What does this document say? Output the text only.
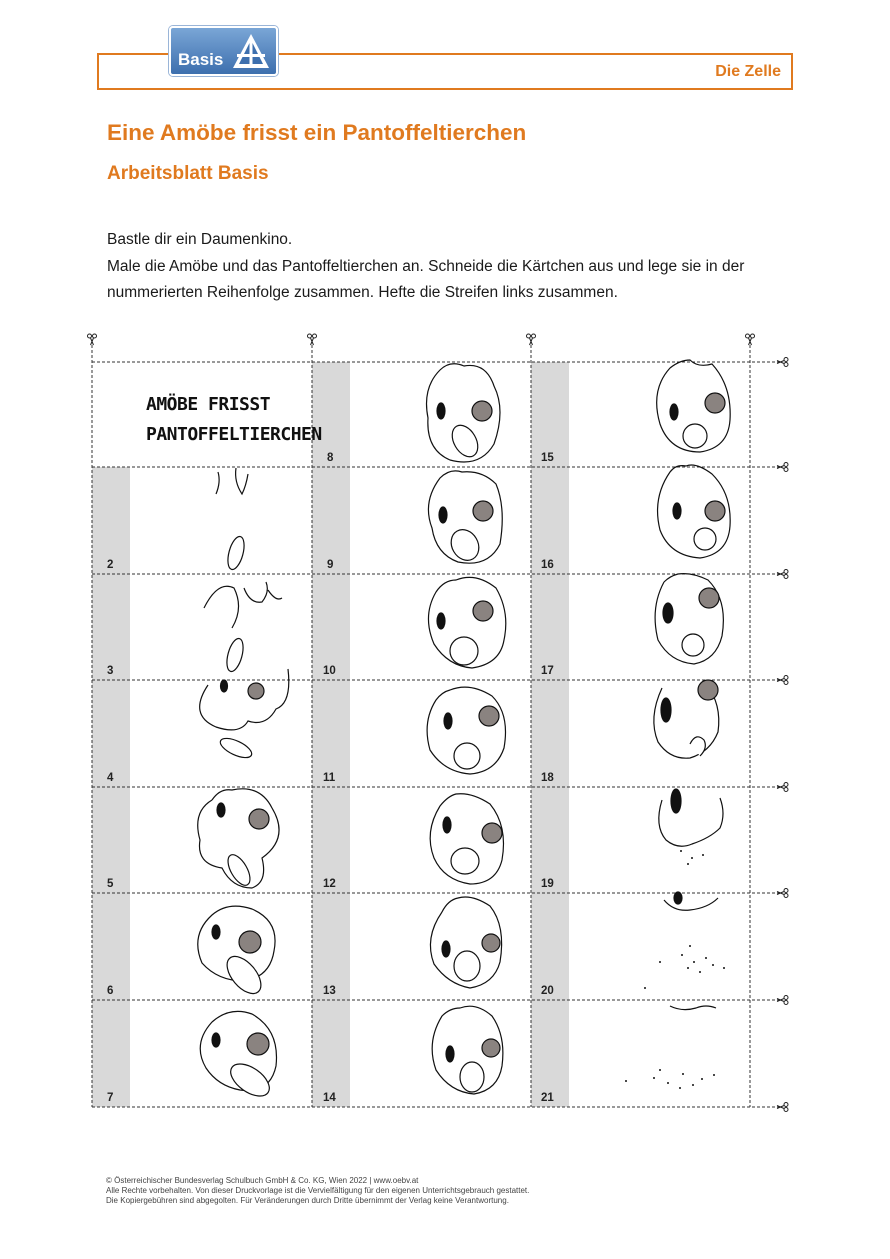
Die Zelle
Basis
Eine Amöbe frisst ein Pantoffeltierchen
Arbeitsblatt Basis

Bastle dir ein Daumenkino.

Male die Amöbe und das Pantoffeltierchen an. Schneide die Kärtchen aus und lege sie in der

nummerierten Reihenfolge zusammen. Hefte die Streifen links zusammen.

AMÖBE FRISST
PANTOFFELTIERCHEN
2
3
4
5
6
7
8
9
10
11
12
13
14
15
16
17
18
19
20
21

© Österreichischer Bundesverlag Schulbuch GmbH & Co. KG, Wien 2022 | www.oebv.at

Alle Rechte vorbehalten. Von dieser Druckvorlage ist die Vervielfältigung für den eigenen Unterrichtsgebrauch gestattet.

Die Kopiergebühren sind abgegolten. Für Veränderungen durch Dritte übernimmt der Verlag keine Verantwortung.
